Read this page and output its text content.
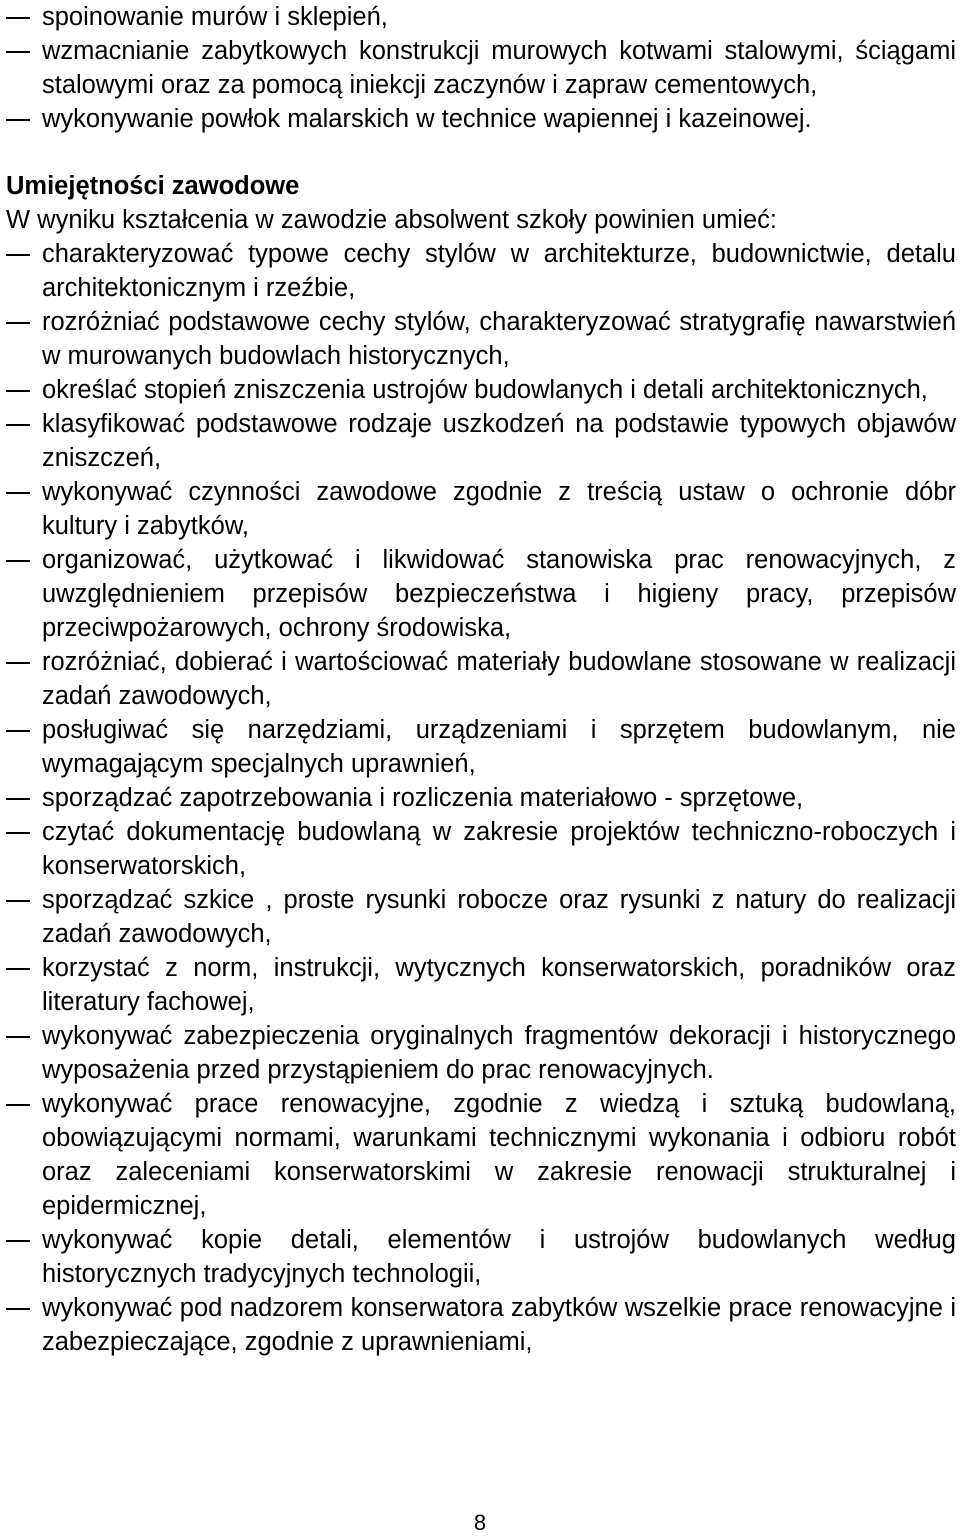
spoinowanie murów i sklepień,
wzmacnianie zabytkowych konstrukcji murowych kotwami stalowymi, ściągami stalowymi oraz za pomocą iniekcji zaczynów i zapraw cementowych,
wykonywanie powłok malarskich w technice wapiennej i kazeinowej.
Umiejętności zawodowe

W wyniku kształcenia w zawodzie absolwent szkoły powinien umieć:

charakteryzować typowe cechy stylów w architekturze, budownictwie, detalu architektonicznym i rzeźbie,
rozróżniać podstawowe cechy stylów, charakteryzować stratygrafię nawarstwień w murowanych budowlach historycznych,
określać stopień zniszczenia ustrojów budowlanych i detali architektonicznych,
klasyfikować podstawowe rodzaje uszkodzeń na podstawie typowych objawów zniszczeń,
wykonywać czynności zawodowe zgodnie z treścią ustaw o ochronie dóbr kultury i zabytków,
organizować, użytkować i likwidować stanowiska prac renowacyjnych, z uwzględnieniem przepisów bezpieczeństwa i higieny pracy, przepisów przeciwpożarowych, ochrony środowiska,
rozróżniać, dobierać i wartościować materiały budowlane stosowane w realizacji zadań zawodowych,
posługiwać się narzędziami, urządzeniami i sprzętem budowlanym, nie wymagającym specjalnych uprawnień,
sporządzać zapotrzebowania i rozliczenia materiałowo - sprzętowe,
czytać dokumentację budowlaną w zakresie projektów techniczno-roboczych i konserwatorskich,
sporządzać szkice , proste rysunki robocze oraz rysunki z natury do realizacji zadań zawodowych,
korzystać z norm, instrukcji, wytycznych konserwatorskich, poradników oraz literatury fachowej,
wykonywać zabezpieczenia oryginalnych fragmentów dekoracji i historycznego wyposażenia przed przystąpieniem do prac renowacyjnych.
wykonywać prace renowacyjne, zgodnie z wiedzą i sztuką budowlaną, obowiązującymi normami, warunkami technicznymi wykonania i odbioru robót oraz zaleceniami konserwatorskimi w zakresie renowacji strukturalnej i epidermicznej,
wykonywać kopie detali, elementów i ustrojów budowlanych według historycznych tradycyjnych technologii,
wykonywać pod nadzorem konserwatora zabytków wszelkie prace renowacyjne i zabezpieczające, zgodnie z uprawnieniami,
8
